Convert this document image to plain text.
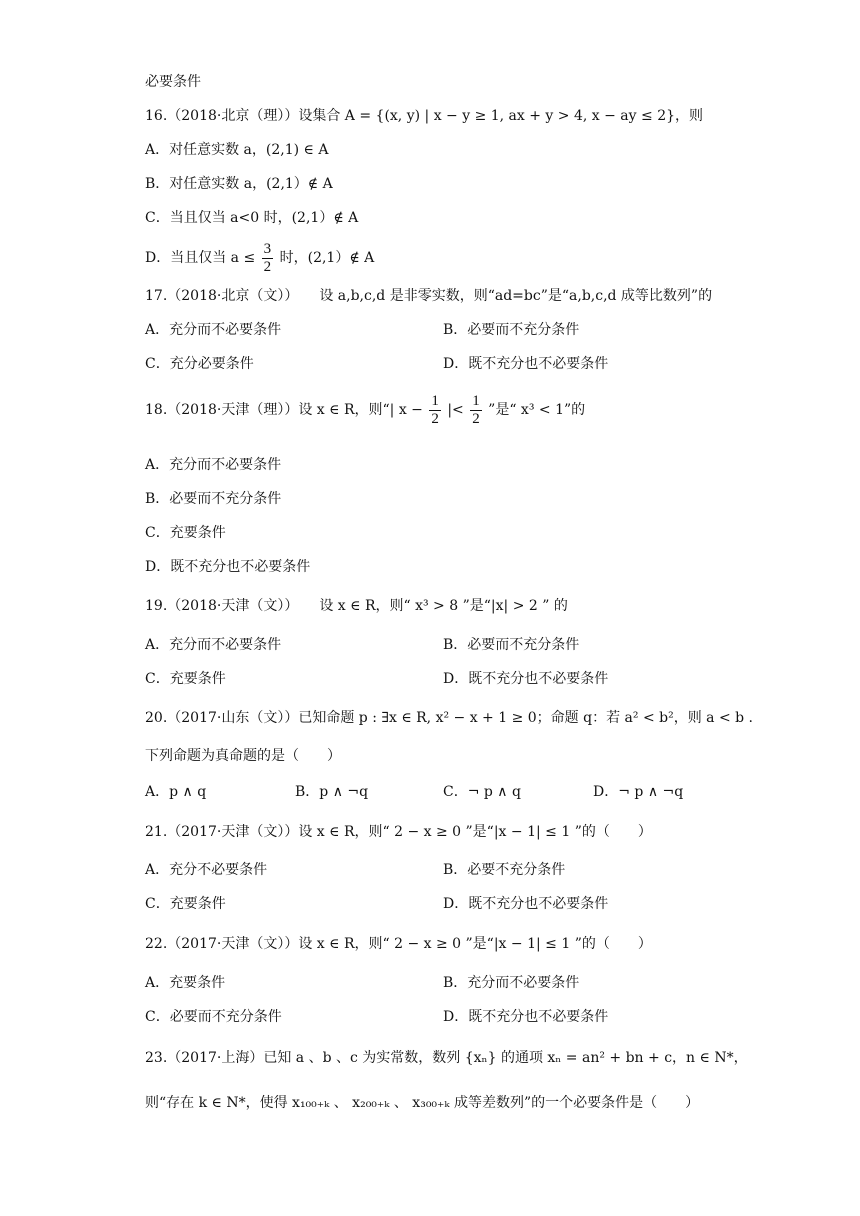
必要条件
16.（2018·北京（理））设集合 A = {(x, y) | x − y ≥ 1, ax + y > 4, x − ay ≤ 2}，则
A．对任意实数 a，(2,1) ∈ A
B．对任意实数 a，(2,1）∉ A
C．当且仅当 a<0 时，(2,1）∉ A
D．当且仅当 $a \le \frac{3}{2}$ 时，(2,1）∉ A
17.（2018·北京（文））　　设 a,b,c,d 是非零实数，则“ad=bc”是“a,b,c,d 成等比数列”的
A．充分而不必要条件	B．必要而不充分条件
C．充分必要条件	D．既不充分也不必要条件
18.（2018·天津（理））设 x ∈ R，则“| $x - \frac{1}{2}$ |< $\frac{1}{2}$ ”是“ x³ < 1”的
A．充分而不必要条件
B．必要而不充分条件
C．充要条件
D．既不充分也不必要条件
19.（2018·天津（文））　　设 x ∈ R，则“ x³ > 8 ”是“|x| > 2 ” 的
A．充分而不必要条件	B．必要而不充分条件
C．充要条件	D．既不充分也不必要条件
20.（2017·山东（文））已知命题 p : ∃x ∈ R, x² − x + 1 ≥ 0；命题 q：若 a² < b²，则 a < b .
下列命题为真命题的是（　　）
A．p ∧ q	B．p ∧ ¬q	C．¬ p ∧ q	D．¬ p ∧ ¬q
21.（2017·天津（文））设 x ∈ R，则“ 2 − x ≥ 0 ”是“|x − 1| ≤ 1 ”的（　　）
A．充分不必要条件	B．必要不充分条件
C．充要条件	D．既不充分也不必要条件
22.（2017·天津（文））设 x ∈ R，则“ 2 − x ≥ 0 ”是“|x − 1| ≤ 1 ”的（　　）
A．充要条件	B．充分而不必要条件
C．必要而不充分条件	D．既不充分也不必要条件
23.（2017·上海）已知 a 、b 、c 为实常数，数列 {xₙ} 的通项 xₙ = an² + bn + c，n ∈ N*，
则“存在 k ∈ N*，使得 x₁₀₀₊ₖ 、 x₂₀₀₊ₖ 、 x₃₀₀₊ₖ 成等差数列”的一个必要条件是（　　）
